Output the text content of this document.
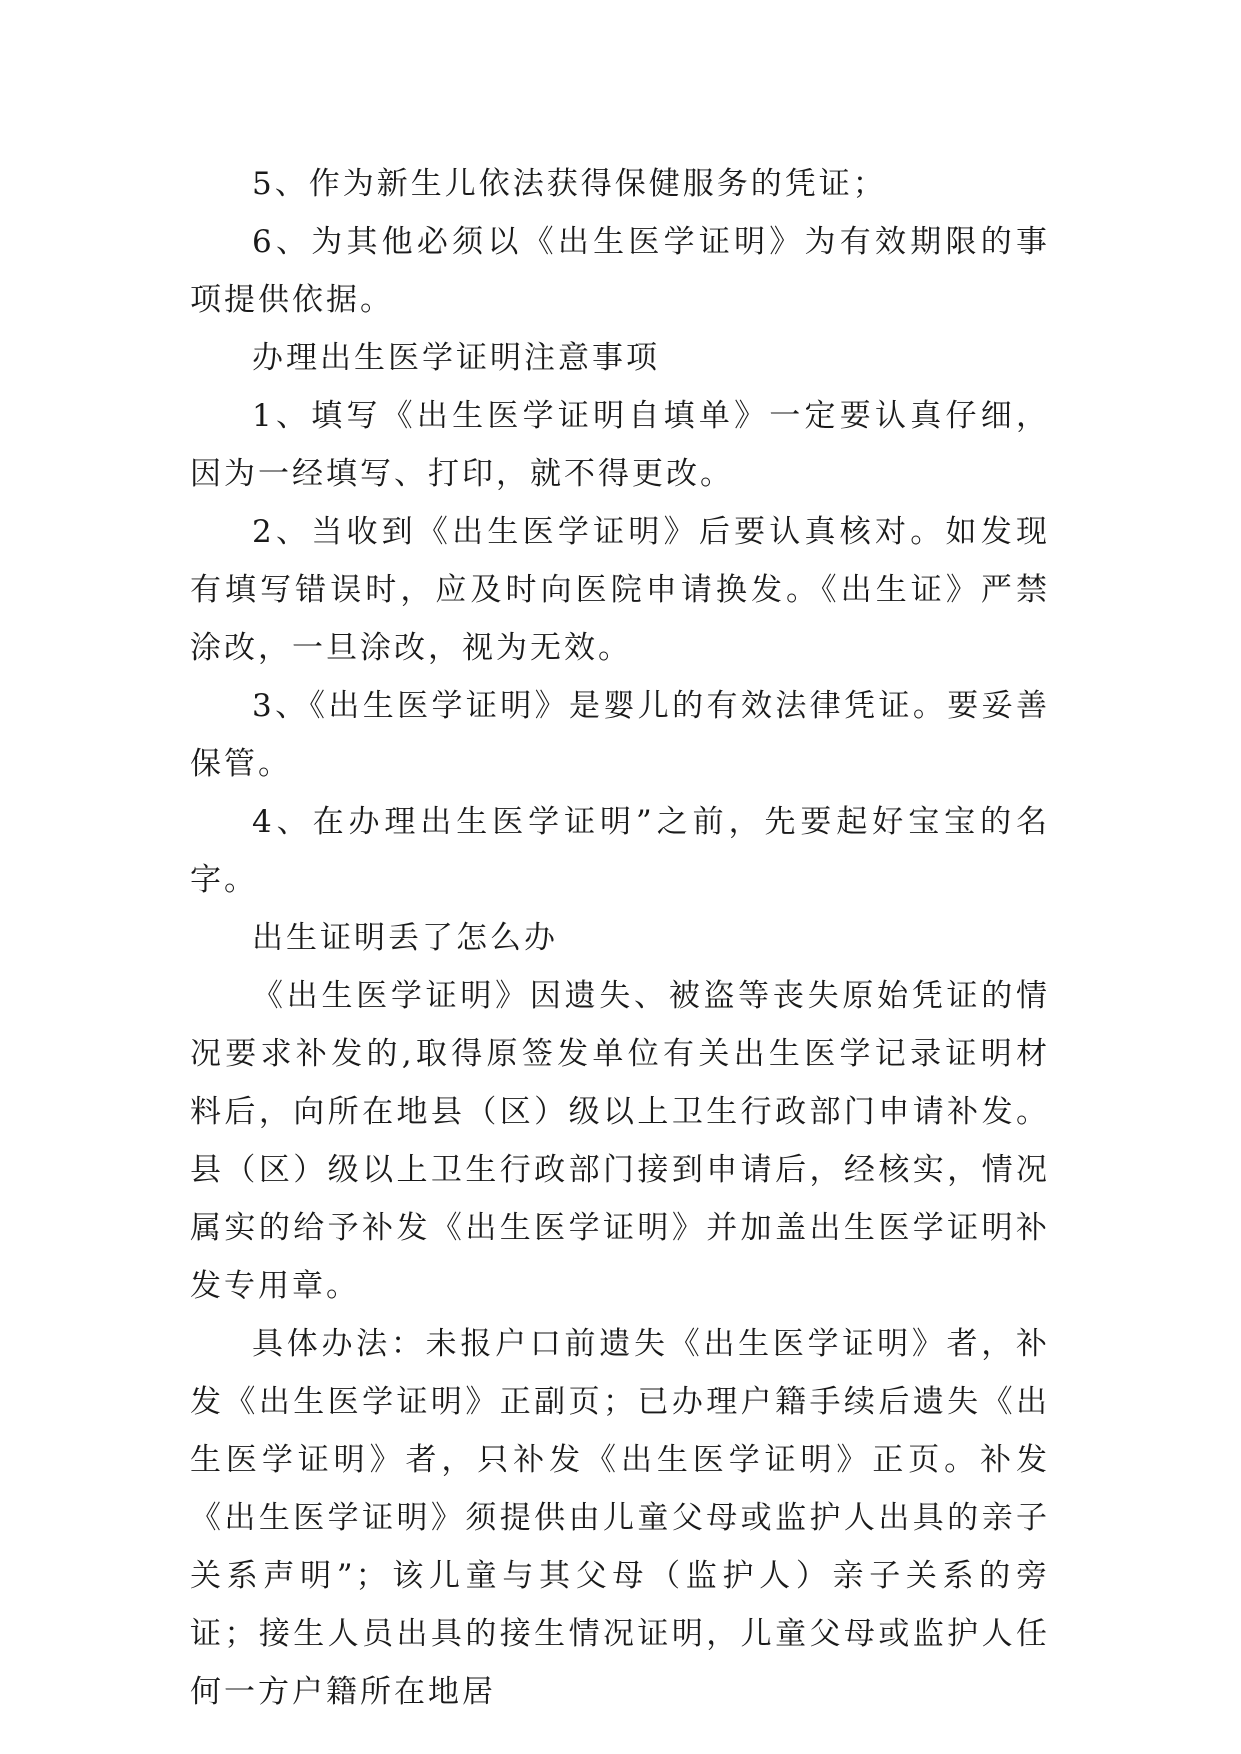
5、作为新生儿依法获得保健服务的凭证；

6、为其他必须以《出生医学证明》为有效期限的事项提供依据。

办理出生医学证明注意事项

1、填写《出生医学证明自填单》一定要认真仔细，因为一经填写、打印，就不得更改。

2、当收到《出生医学证明》后要认真核对。如发现有填写错误时，应及时向医院申请换发。《出生证》严禁涂改，一旦涂改，视为无效。

3、《出生医学证明》是婴儿的有效法律凭证。要妥善保管。

4、在办理出生医学证明”之前，先要起好宝宝的名字。

出生证明丢了怎么办

《出生医学证明》因遗失、被盗等丧失原始凭证的情况要求补发的,取得原签发单位有关出生医学记录证明材料后，向所在地县（区）级以上卫生行政部门申请补发。县（区）级以上卫生行政部门接到申请后，经核实，情况属实的给予补发《出生医学证明》并加盖出生医学证明补发专用章。

具体办法：未报户口前遗失《出生医学证明》者，补发《出生医学证明》正副页；已办理户籍手续后遗失《出生医学证明》者，只补发《出生医学证明》正页。补发《出生医学证明》须提供由儿童父母或监护人出具的亲子关系声明”；该儿童与其父母（监护人）亲子关系的旁证；接生人员出具的接生情况证明，儿童父母或监护人任何一方户籍所在地居
